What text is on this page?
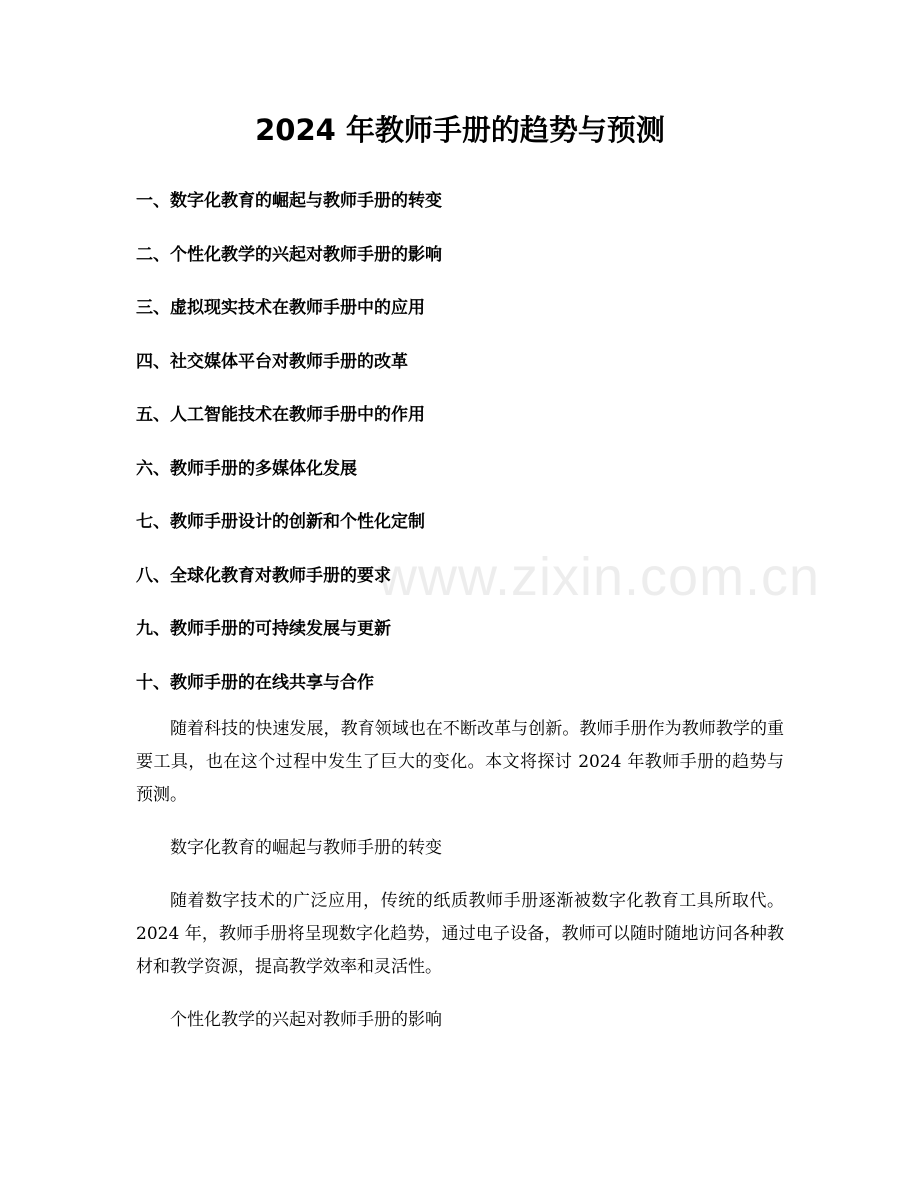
2024 年教师手册的趋势与预测
一、数字化教育的崛起与教师手册的转变
二、个性化教学的兴起对教师手册的影响
三、虚拟现实技术在教师手册中的应用
四、社交媒体平台对教师手册的改革
五、人工智能技术在教师手册中的作用
六、教师手册的多媒体化发展
七、教师手册设计的创新和个性化定制
八、全球化教育对教师手册的要求
九、教师手册的可持续发展与更新
十、教师手册的在线共享与合作

随着科技的快速发展，教育领域也在不断改革与创新。教师手册作为教师教学的重要工具，也在这个过程中发生了巨大的变化。本文将探讨 2024 年教师手册的趋势与预测。

数字化教育的崛起与教师手册的转变

随着数字技术的广泛应用，传统的纸质教师手册逐渐被数字化教育工具所取代。2024 年，教师手册将呈现数字化趋势，通过电子设备，教师可以随时随地访问各种教材和教学资源，提高教学效率和灵活性。

个性化教学的兴起对教师手册的影响

www.zixin.com.cn
